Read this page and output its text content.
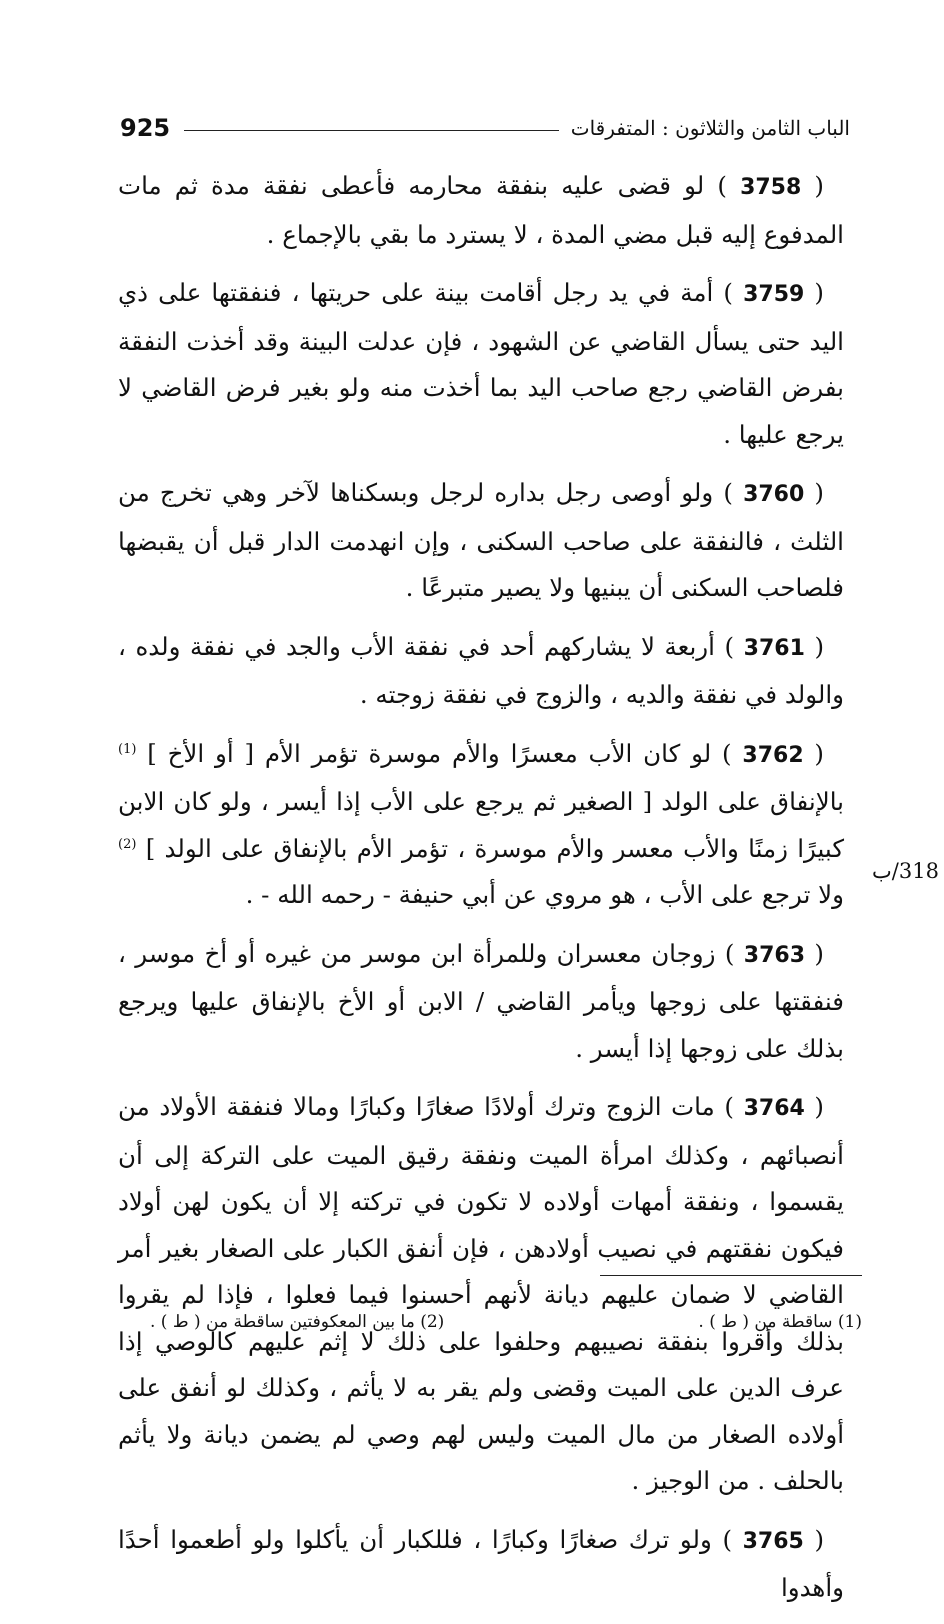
925	الباب الثامن والثلاثون : المتفرقات

( 3758 ) لو قضى عليه بنفقة محارمه فأعطى نفقة مدة ثم مات المدفوع إليه قبل مضي المدة ، لا يسترد ما بقي بالإجماع .

( 3759 ) أمة في يد رجل أقامت بينة على حريتها ، فنفقتها على ذي اليد حتى يسأل القاضي عن الشهود ، فإن عدلت البينة وقد أخذت النفقة بفرض القاضي رجع صاحب اليد بما أخذت منه ولو بغير فرض القاضي لا يرجع عليها .

( 3760 ) ولو أوصى رجل بداره لرجل وبسكناها لآخر وهي تخرج من الثلث ، فالنفقة على صاحب السكنى ، وإن انهدمت الدار قبل أن يقبضها فلصاحب السكنى أن يبنيها ولا يصير متبرعًا .

( 3761 ) أربعة لا يشاركهم أحد في نفقة الأب والجد في نفقة ولده ، والولد في نفقة والديه ، والزوج في نفقة زوجته .

( 3762 ) لو كان الأب معسرًا والأم موسرة تؤمر الأم [ أو الأخ ] $^{(1)}$ بالإنفاق على الولد [ الصغير ثم يرجع على الأب إذا أيسر ، ولو كان الابن كبيرًا زمنًا والأب معسر والأم موسرة ، تؤمر الأم بالإنفاق على الولد ] $^{(2)}$ ولا ترجع على الأب ، هو مروي عن أبي حنيفة - رحمه الله - .

( 3763 ) زوجان معسران وللمرأة ابن موسر من غيره أو أخ موسر ، فنفقتها على زوجها ويأمر القاضي / الابن أو الأخ بالإنفاق عليها ويرجع بذلك على زوجها إذا أيسر .

( 3764 ) مات الزوج وترك أولادًا صغارًا وكبارًا ومالا فنفقة الأولاد من أنصبائهم ، وكذلك امرأة الميت ونفقة رقيق الميت على التركة إلى أن يقسموا ، ونفقة أمهات أولاده لا تكون في تركته إلا أن يكون لهن أولاد فيكون نفقتهم في نصيب أولادهن ، فإن أنفق الكبار على الصغار بغير أمر القاضي لا ضمان عليهم ديانة لأنهم أحسنوا فيما فعلوا ، فإذا لم يقروا بذلك وأقروا بنفقة نصيبهم وحلفوا على ذلك لا إثم عليهم كالوصي إذا عرف الدين على الميت وقضى ولم يقر به لا يأثم ، وكذلك لو أنفق على أولاده الصغار من مال الميت وليس لهم وصي لم يضمن ديانة ولا يأثم بالحلف . من الوجيز .

( 3765 ) ولو ترك صغارًا وكبارًا ، فللكبار أن يأكلوا ولو أطعموا أحدًا وأهدوا

318/ب
(1) ساقطة من ( ط ) .
(2) ما بين المعكوفتين ساقطة من ( ط ) .
